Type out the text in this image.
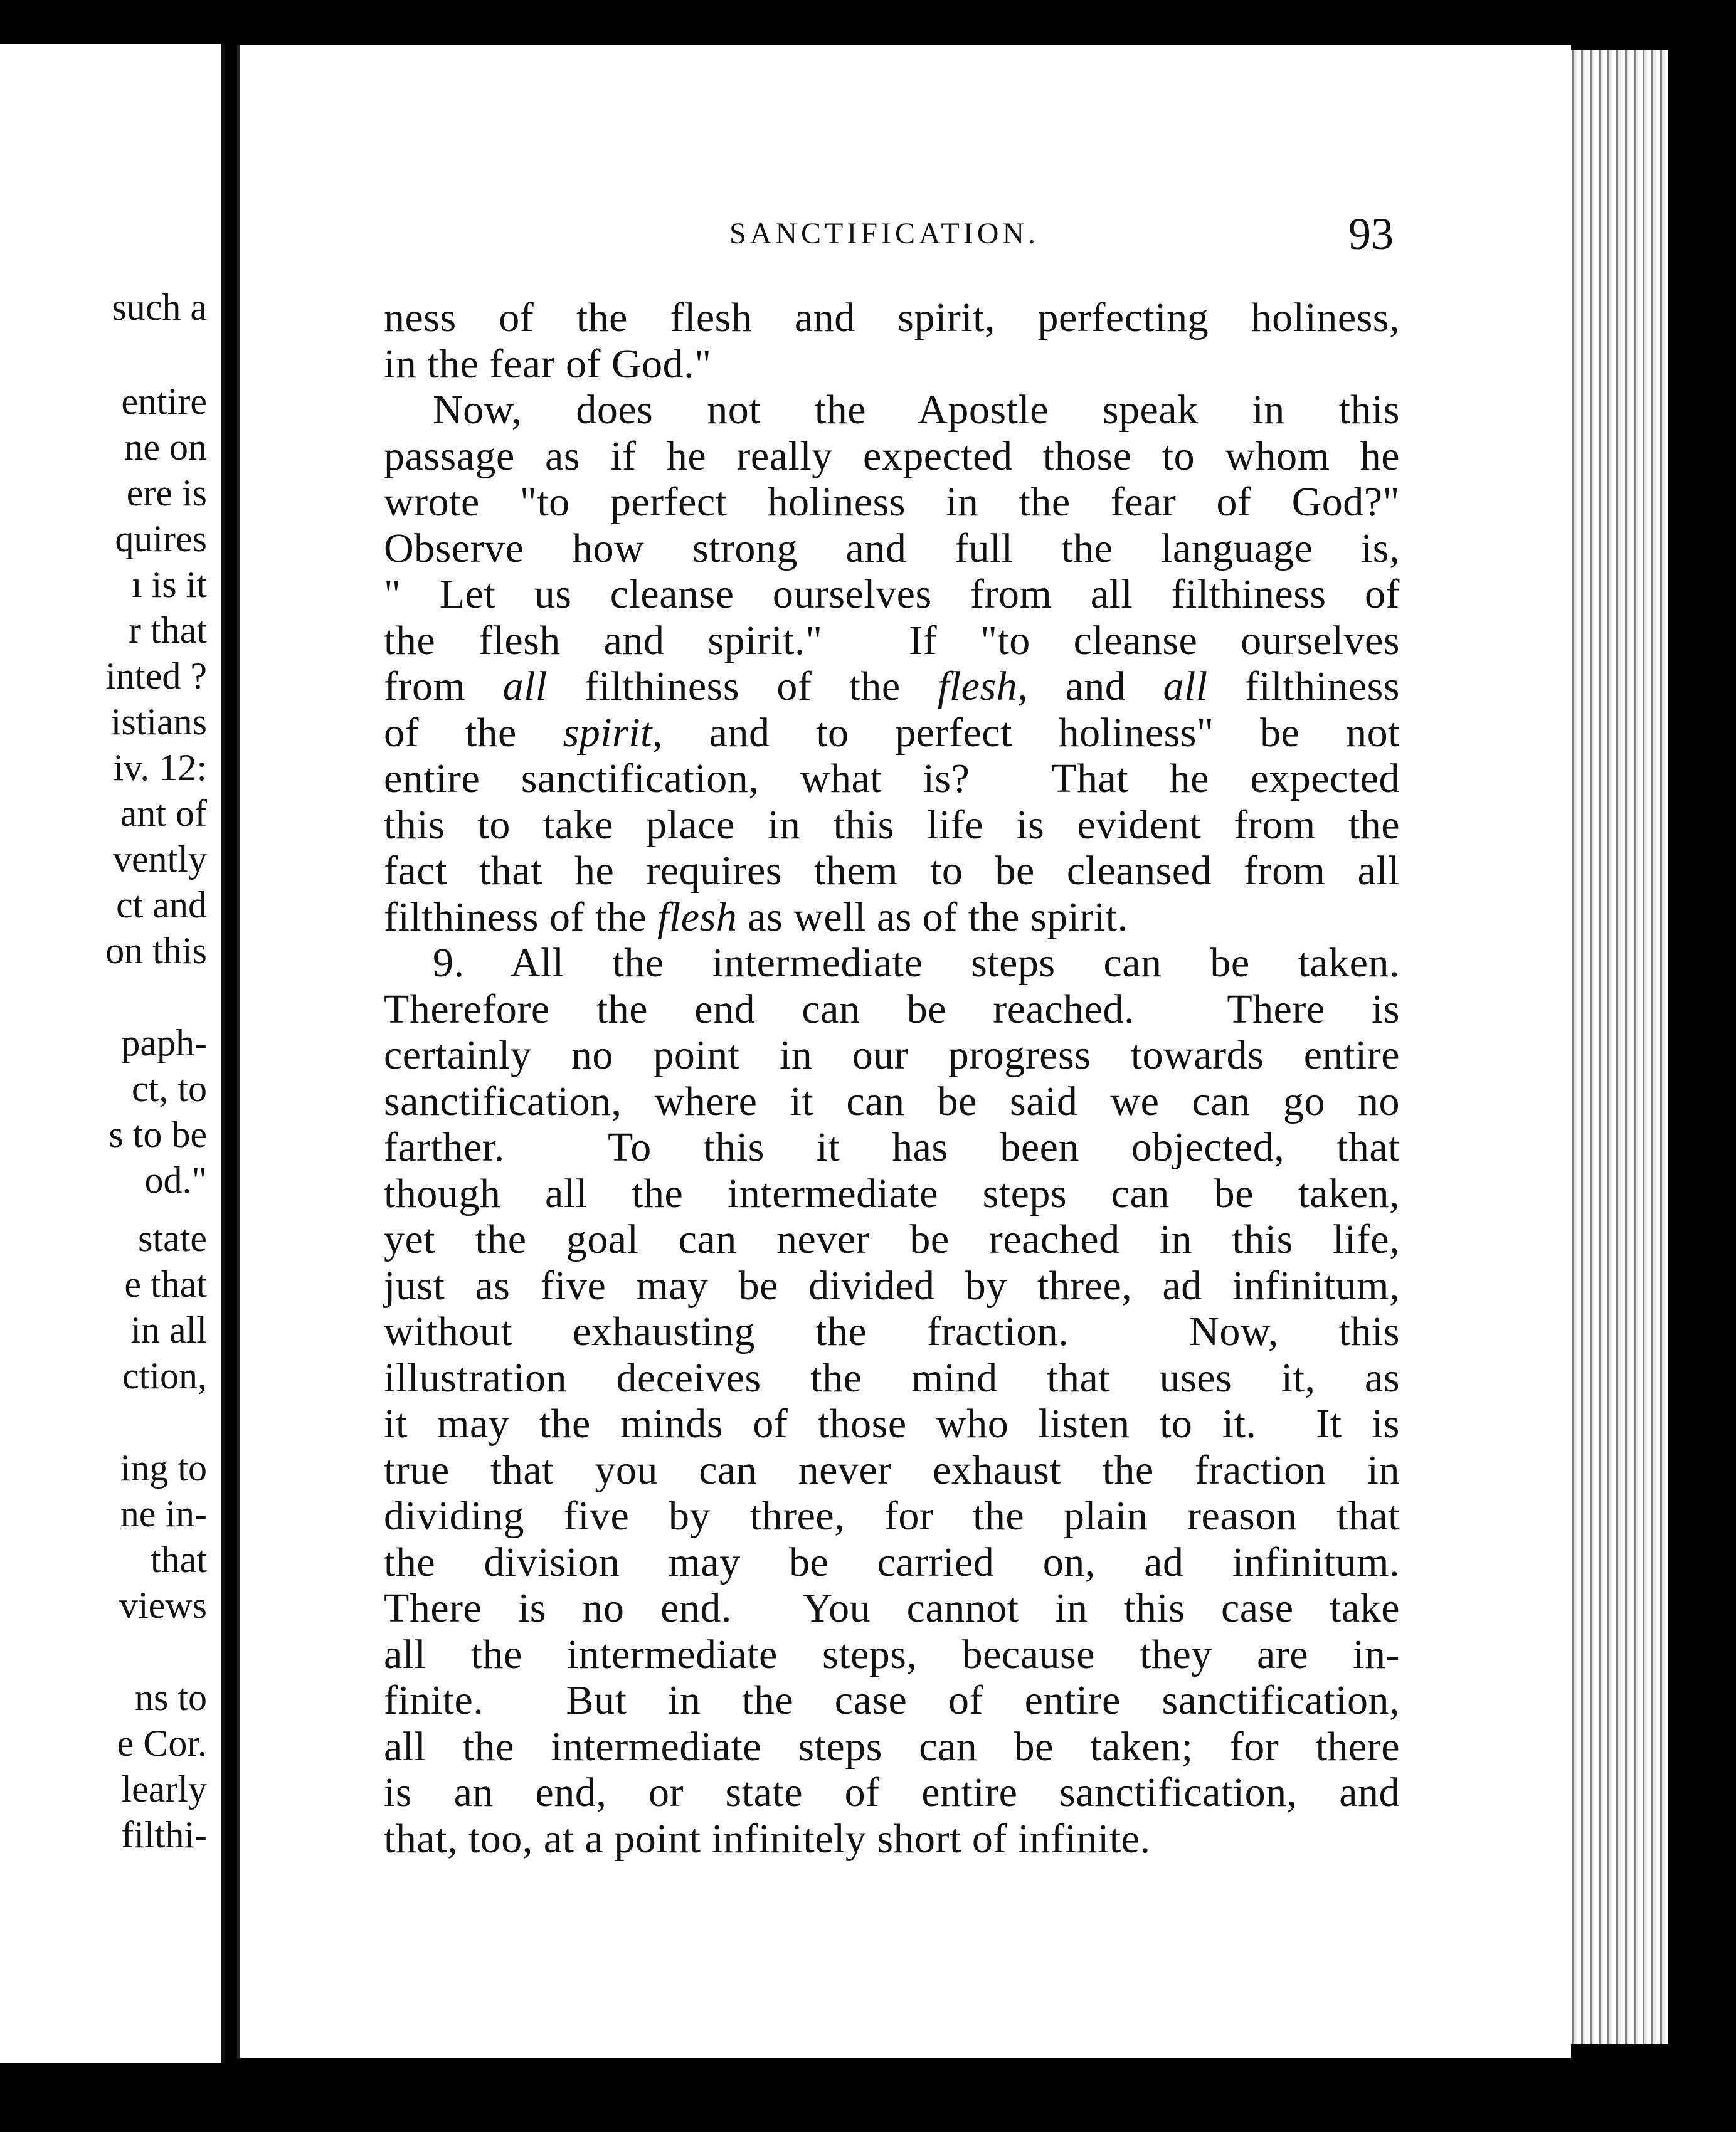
such a
entire
ne on
ere is
quires
ı is it
r that
inted ?
istians
iv. 12:
ant of
vently
ct and
on this
paph-
ct, to
s to be
od."
state
e that
in all
ction,
ing to
ne in-
that
views
ns to
e Cor.
learly
filthi-
SANCTIFICATION.	93
ness of the flesh and spirit, perfecting holiness,
in the fear of God."
Now, does not the Apostle speak in this
passage as if he really expected those to whom he
wrote "to perfect holiness in the fear of God?"
Observe how strong and full the language is,
" Let us cleanse ourselves from all filthiness of
the flesh and spirit."  If "to cleanse ourselves
from all filthiness of the flesh, and all filthiness
of the spirit, and to perfect holiness" be not
entire sanctification, what is?  That he expected
this to take place in this life is evident from the
fact that he requires them to be cleansed from all
filthiness of the flesh as well as of the spirit.
9. All the intermediate steps can be taken.
Therefore the end can be reached.  There is
certainly no point in our progress towards entire
sanctification, where it can be said we can go no
farther.  To this it has been objected, that
though all the intermediate steps can be taken,
yet the goal can never be reached in this life,
just as five may be divided by three, ad infinitum,
without exhausting the fraction.  Now, this
illustration deceives the mind that uses it, as
it may the minds of those who listen to it.  It is
true that you can never exhaust the fraction in
dividing five by three, for the plain reason that
the division may be carried on, ad infinitum.
There is no end.  You cannot in this case take
all the intermediate steps, because they are in-
finite.  But in the case of entire sanctification,
all the intermediate steps can be taken; for there
is an end, or state of entire sanctification, and
that, too, at a point infinitely short of infinite.
